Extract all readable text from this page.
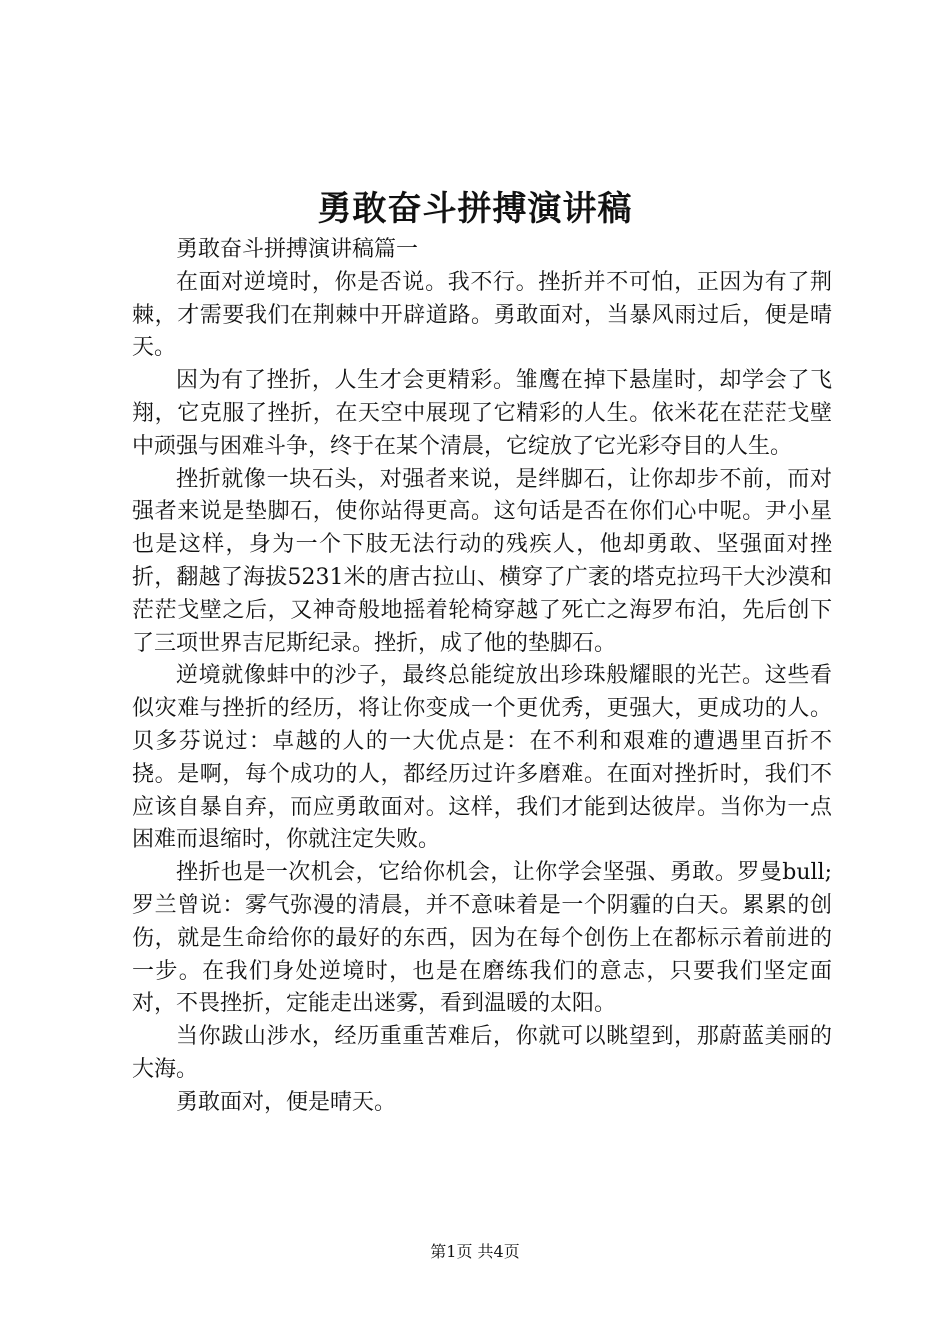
勇敢奋斗拼搏演讲稿

勇敢奋斗拼搏演讲稿篇一

在面对逆境时，你是否说。我不行。挫折并不可怕，正因为有了荆棘，才需要我们在荆棘中开辟道路。勇敢面对，当暴风雨过后，便是晴天。

因为有了挫折，人生才会更精彩。雏鹰在掉下悬崖时，却学会了飞翔，它克服了挫折，在天空中展现了它精彩的人生。依米花在茫茫戈壁中顽强与困难斗争，终于在某个清晨，它绽放了它光彩夺目的人生。

挫折就像一块石头，对强者来说，是绊脚石，让你却步不前，而对强者来说是垫脚石，使你站得更高。这句话是否在你们心中呢。尹小星也是这样，身为一个下肢无法行动的残疾人，他却勇敢、坚强面对挫折，翻越了海拔5231米的唐古拉山、横穿了广袤的塔克拉玛干大沙漠和茫茫戈壁之后，又神奇般地摇着轮椅穿越了死亡之海罗布泊，先后创下了三项世界吉尼斯纪录。挫折，成了他的垫脚石。

逆境就像蚌中的沙子，最终总能绽放出珍珠般耀眼的光芒。这些看似灾难与挫折的经历，将让你变成一个更优秀，更强大，更成功的人。贝多芬说过：卓越的人的一大优点是：在不利和艰难的遭遇里百折不挠。是啊，每个成功的人，都经历过许多磨难。在面对挫折时，我们不应该自暴自弃，而应勇敢面对。这样，我们才能到达彼岸。当你为一点困难而退缩时，你就注定失败。

挫折也是一次机会，它给你机会，让你学会坚强、勇敢。罗曼bull;罗兰曾说：雾气弥漫的清晨，并不意味着是一个阴霾的白天。累累的创伤，就是生命给你的最好的东西，因为在每个创伤上在都标示着前进的一步。在我们身处逆境时，也是在磨练我们的意志，只要我们坚定面对，不畏挫折，定能走出迷雾，看到温暖的太阳。

当你跋山涉水，经历重重苦难后，你就可以眺望到，那蔚蓝美丽的大海。

勇敢面对，便是晴天。

第1页 共4页
